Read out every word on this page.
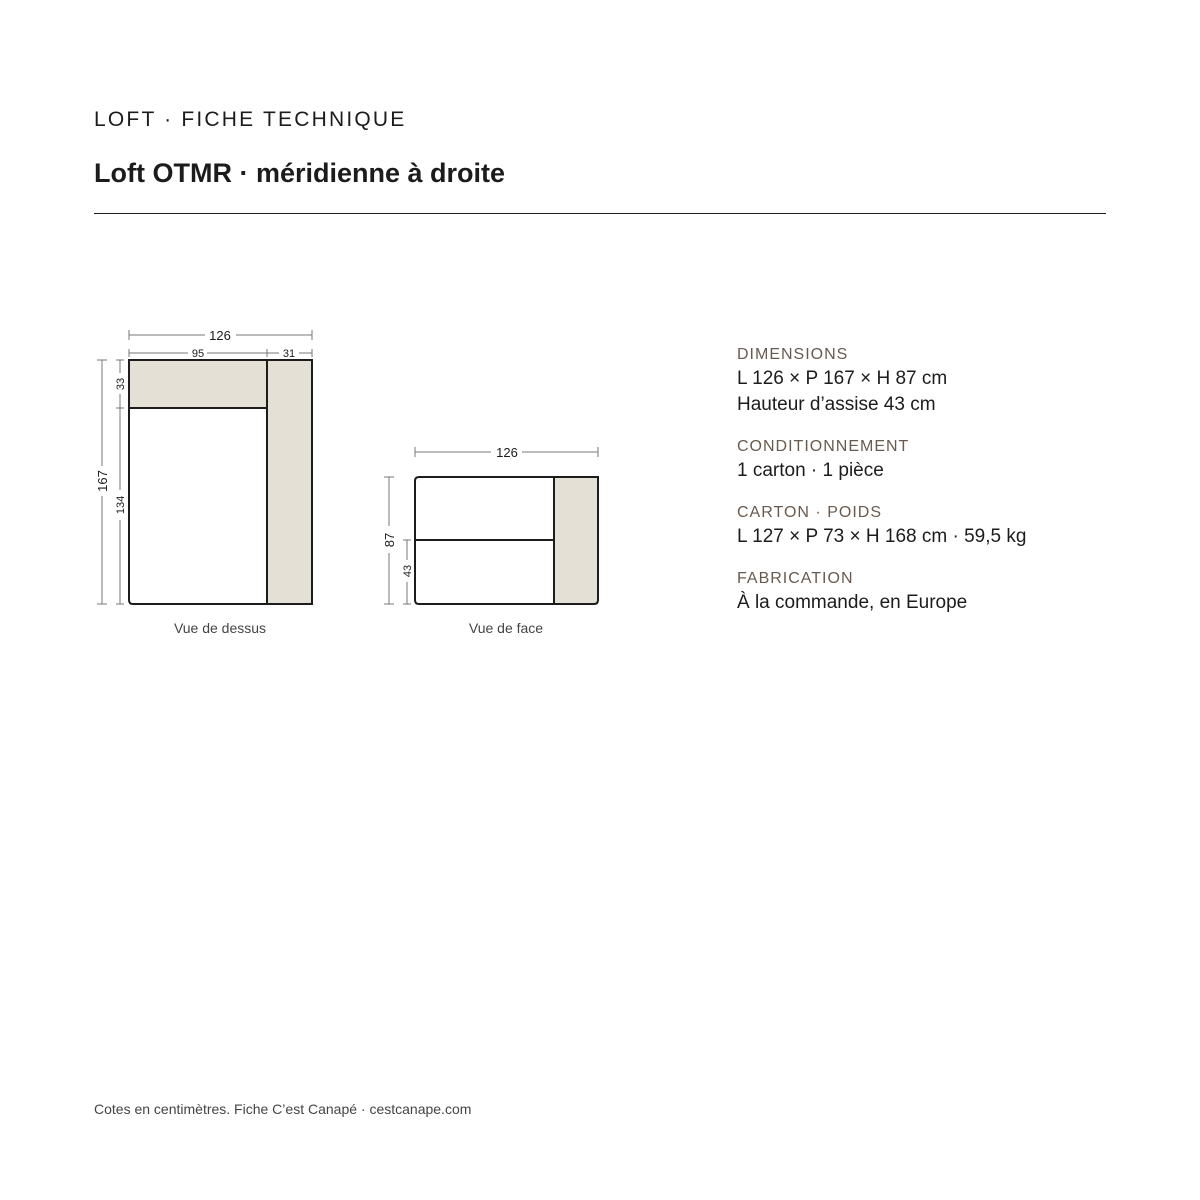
LOFT · FICHE TECHNIQUE
Loft OTMR · méridienne à droite
126
95	31
167
33
134
126
87
43
Vue de dessus	Vue de face
DIMENSIONS
L 126 × P 167 × H 87 cm
Hauteur d’assise 43 cm
CONDITIONNEMENT
1 carton · 1 pièce
CARTON · POIDS
L 127 × P 73 × H 168 cm · 59,5 kg
FABRICATION
À la commande, en Europe
Cotes en centimètres. Fiche C’est Canapé · cestcanape.com
